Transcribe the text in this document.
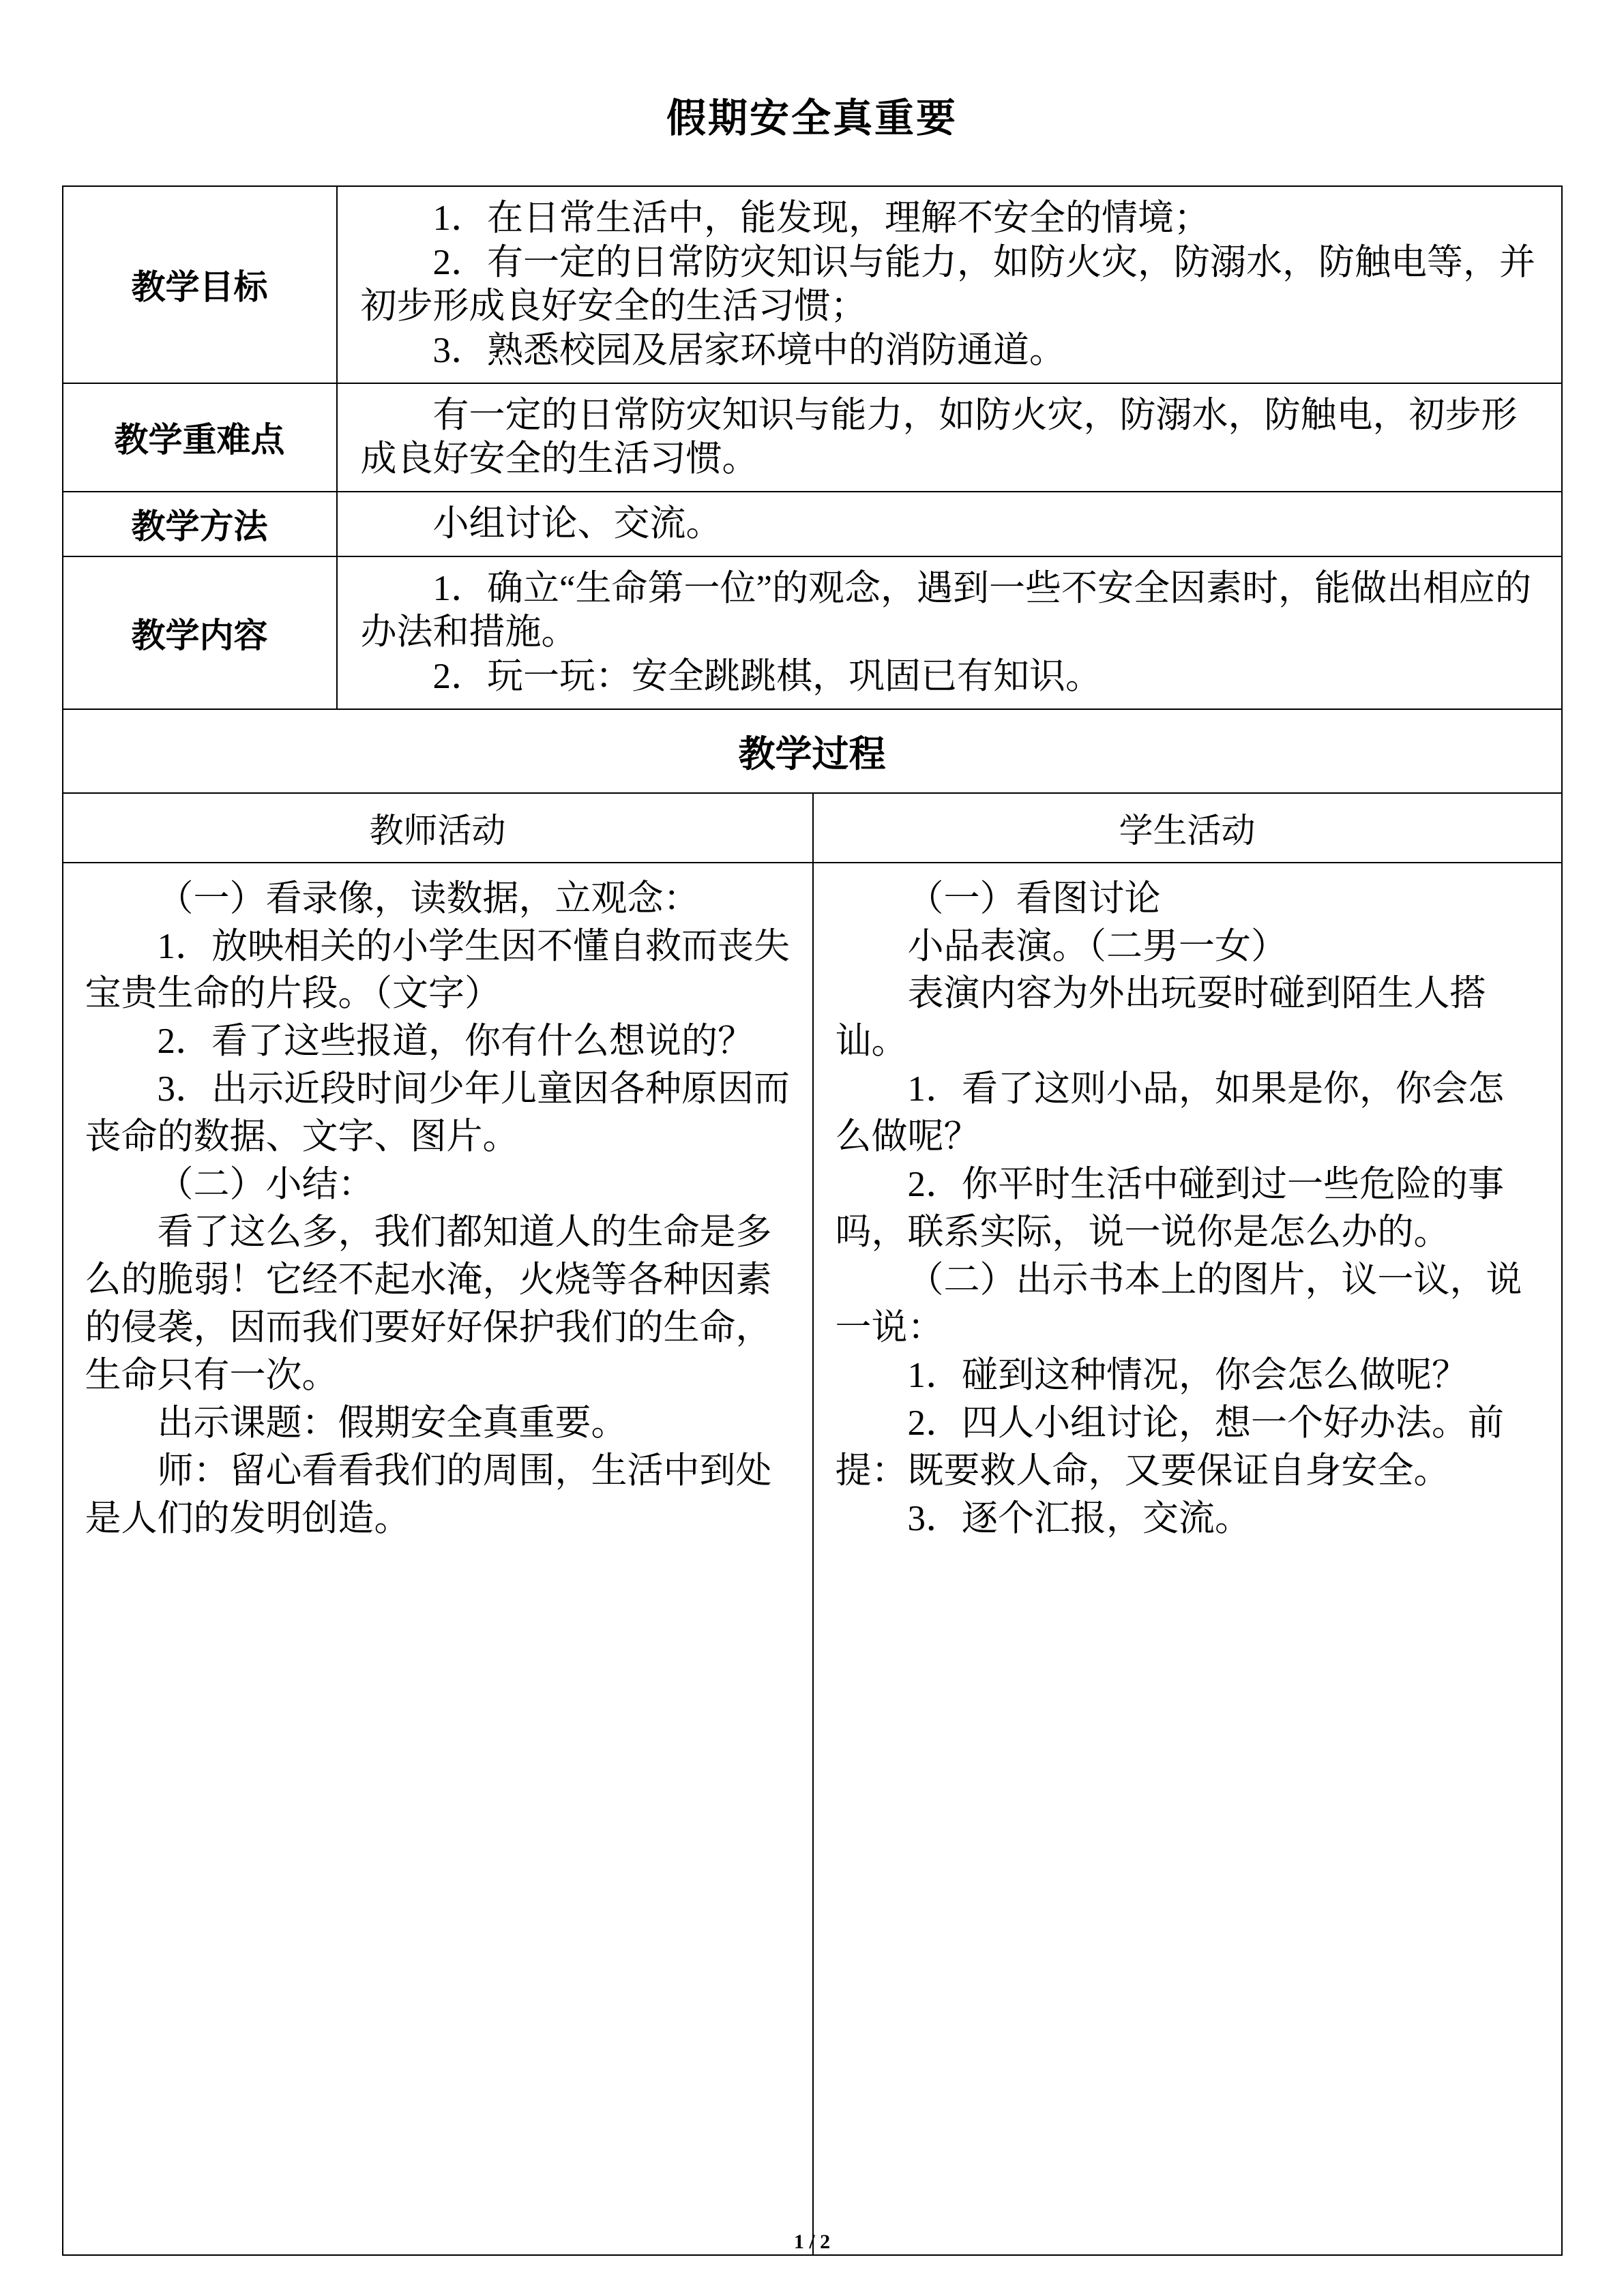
假期安全真重要
教学目标

1．在日常生活中，能发现，理解不安全的情境；

2．有一定的日常防灾知识与能力，如防火灾，防溺水，防触电等，并初步形成良好安全的生活习惯；

3．熟悉校园及居家环境中的消防通道。

教学重难点

有一定的日常防灾知识与能力，如防火灾，防溺水，防触电，初步形成良好安全的生活习惯。

教学方法	小组讨论、交流。

教学内容

1．确立“生命第一位”的观念，遇到一些不安全因素时，能做出相应的办法和措施。

2．玩一玩：安全跳跳棋，巩固已有知识。

教学过程
教师活动	学生活动

（一）看录像，读数据，立观念：

1．放映相关的小学生因不懂自救而丧失宝贵生命的片段。（文字）

2．看了这些报道，你有什么想说的？

3．出示近段时间少年儿童因各种原因而丧命的数据、文字、图片。

（二）小结：

看了这么多，我们都知道人的生命是多么的脆弱！它经不起水淹，火烧等各种因素的侵袭，因而我们要好好保护我们的生命，生命只有一次。

出示课题：假期安全真重要。

师：留心看看我们的周围，生活中到处是人们的发明创造。

（一）看图讨论

小品表演。（二男一女）

表演内容为外出玩耍时碰到陌生人搭讪。

1．看了这则小品，如果是你，你会怎么做呢？

2．你平时生活中碰到过一些危险的事吗，联系实际，说一说你是怎么办的。

（二）出示书本上的图片，议一议，说一说：

1．碰到这种情况，你会怎么做呢？

2．四人小组讨论，想一个好办法。前提：既要救人命，又要保证自身安全。

3．逐个汇报，交流。

1 / 2
